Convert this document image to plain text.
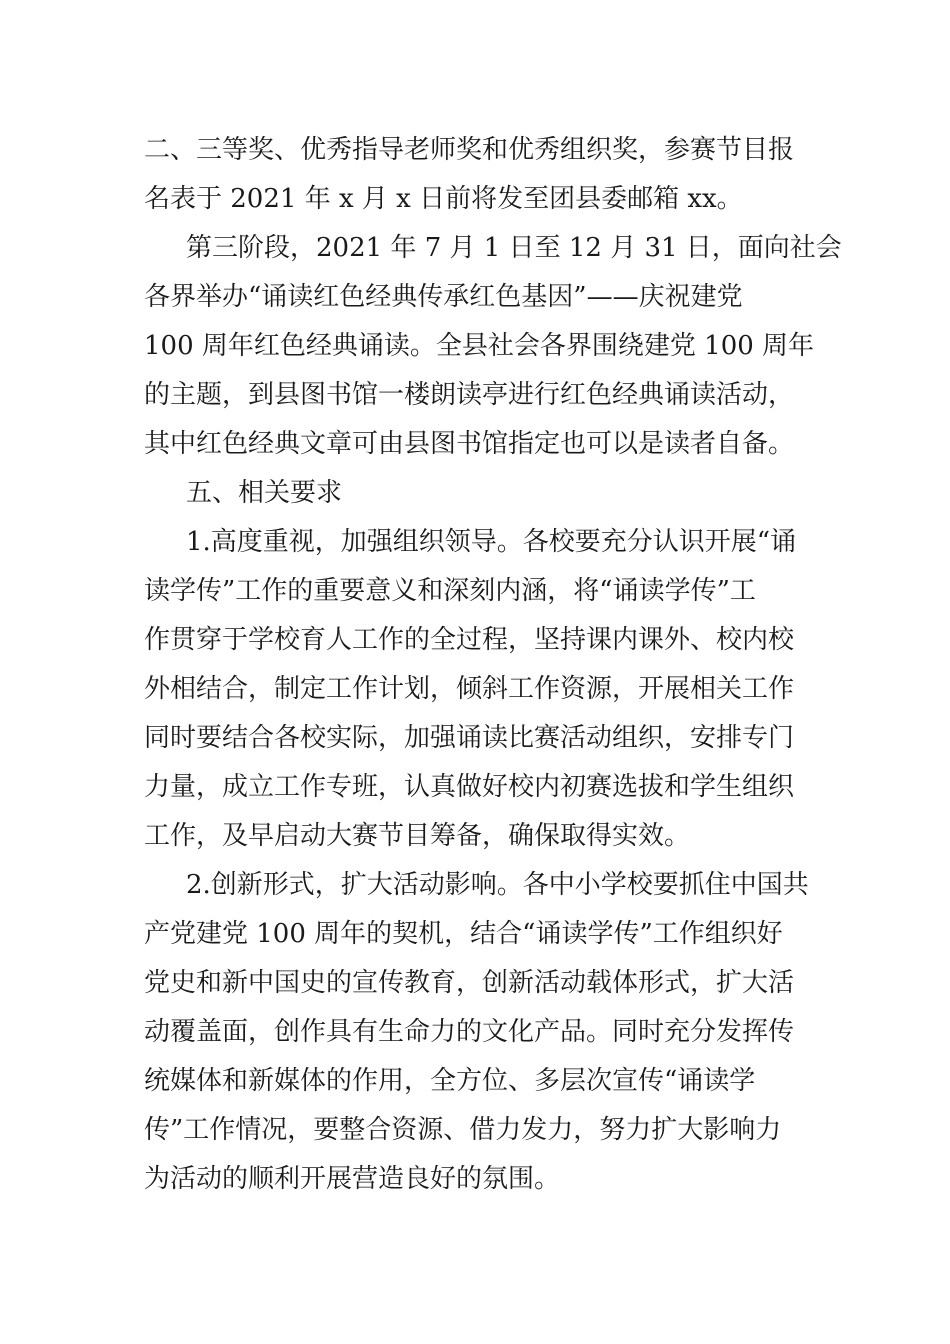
二、三等奖、优秀指导老师奖和优秀组织奖，参赛节目报
名表于 2021 年 x 月 x 日前将发至团县委邮箱 xx。
第三阶段，2021 年 7 月 1 日至 12 月 31 日，面向社会
各界举办“诵读红色经典传承红色基因”——庆祝建党
100 周年红色经典诵读。全县社会各界围绕建党 100 周年
的主题，到县图书馆一楼朗读亭进行红色经典诵读活动，
其中红色经典文章可由县图书馆指定也可以是读者自备。
五、相关要求
1.高度重视，加强组织领导。各校要充分认识开展“诵
读学传”工作的重要意义和深刻内涵，将“诵读学传”工
作贯穿于学校育人工作的全过程，坚持课内课外、校内校
外相结合，制定工作计划，倾斜工作资源，开展相关工作
同时要结合各校实际，加强诵读比赛活动组织，安排专门
力量，成立工作专班，认真做好校内初赛选拔和学生组织
工作，及早启动大赛节目筹备，确保取得实效。
2.创新形式，扩大活动影响。各中小学校要抓住中国共
产党建党 100 周年的契机，结合“诵读学传”工作组织好
党史和新中国史的宣传教育，创新活动载体形式，扩大活
动覆盖面，创作具有生命力的文化产品。同时充分发挥传
统媒体和新媒体的作用，全方位、多层次宣传“诵读学
传”工作情况，要整合资源、借力发力，努力扩大影响力
为活动的顺利开展营造良好的氛围。
